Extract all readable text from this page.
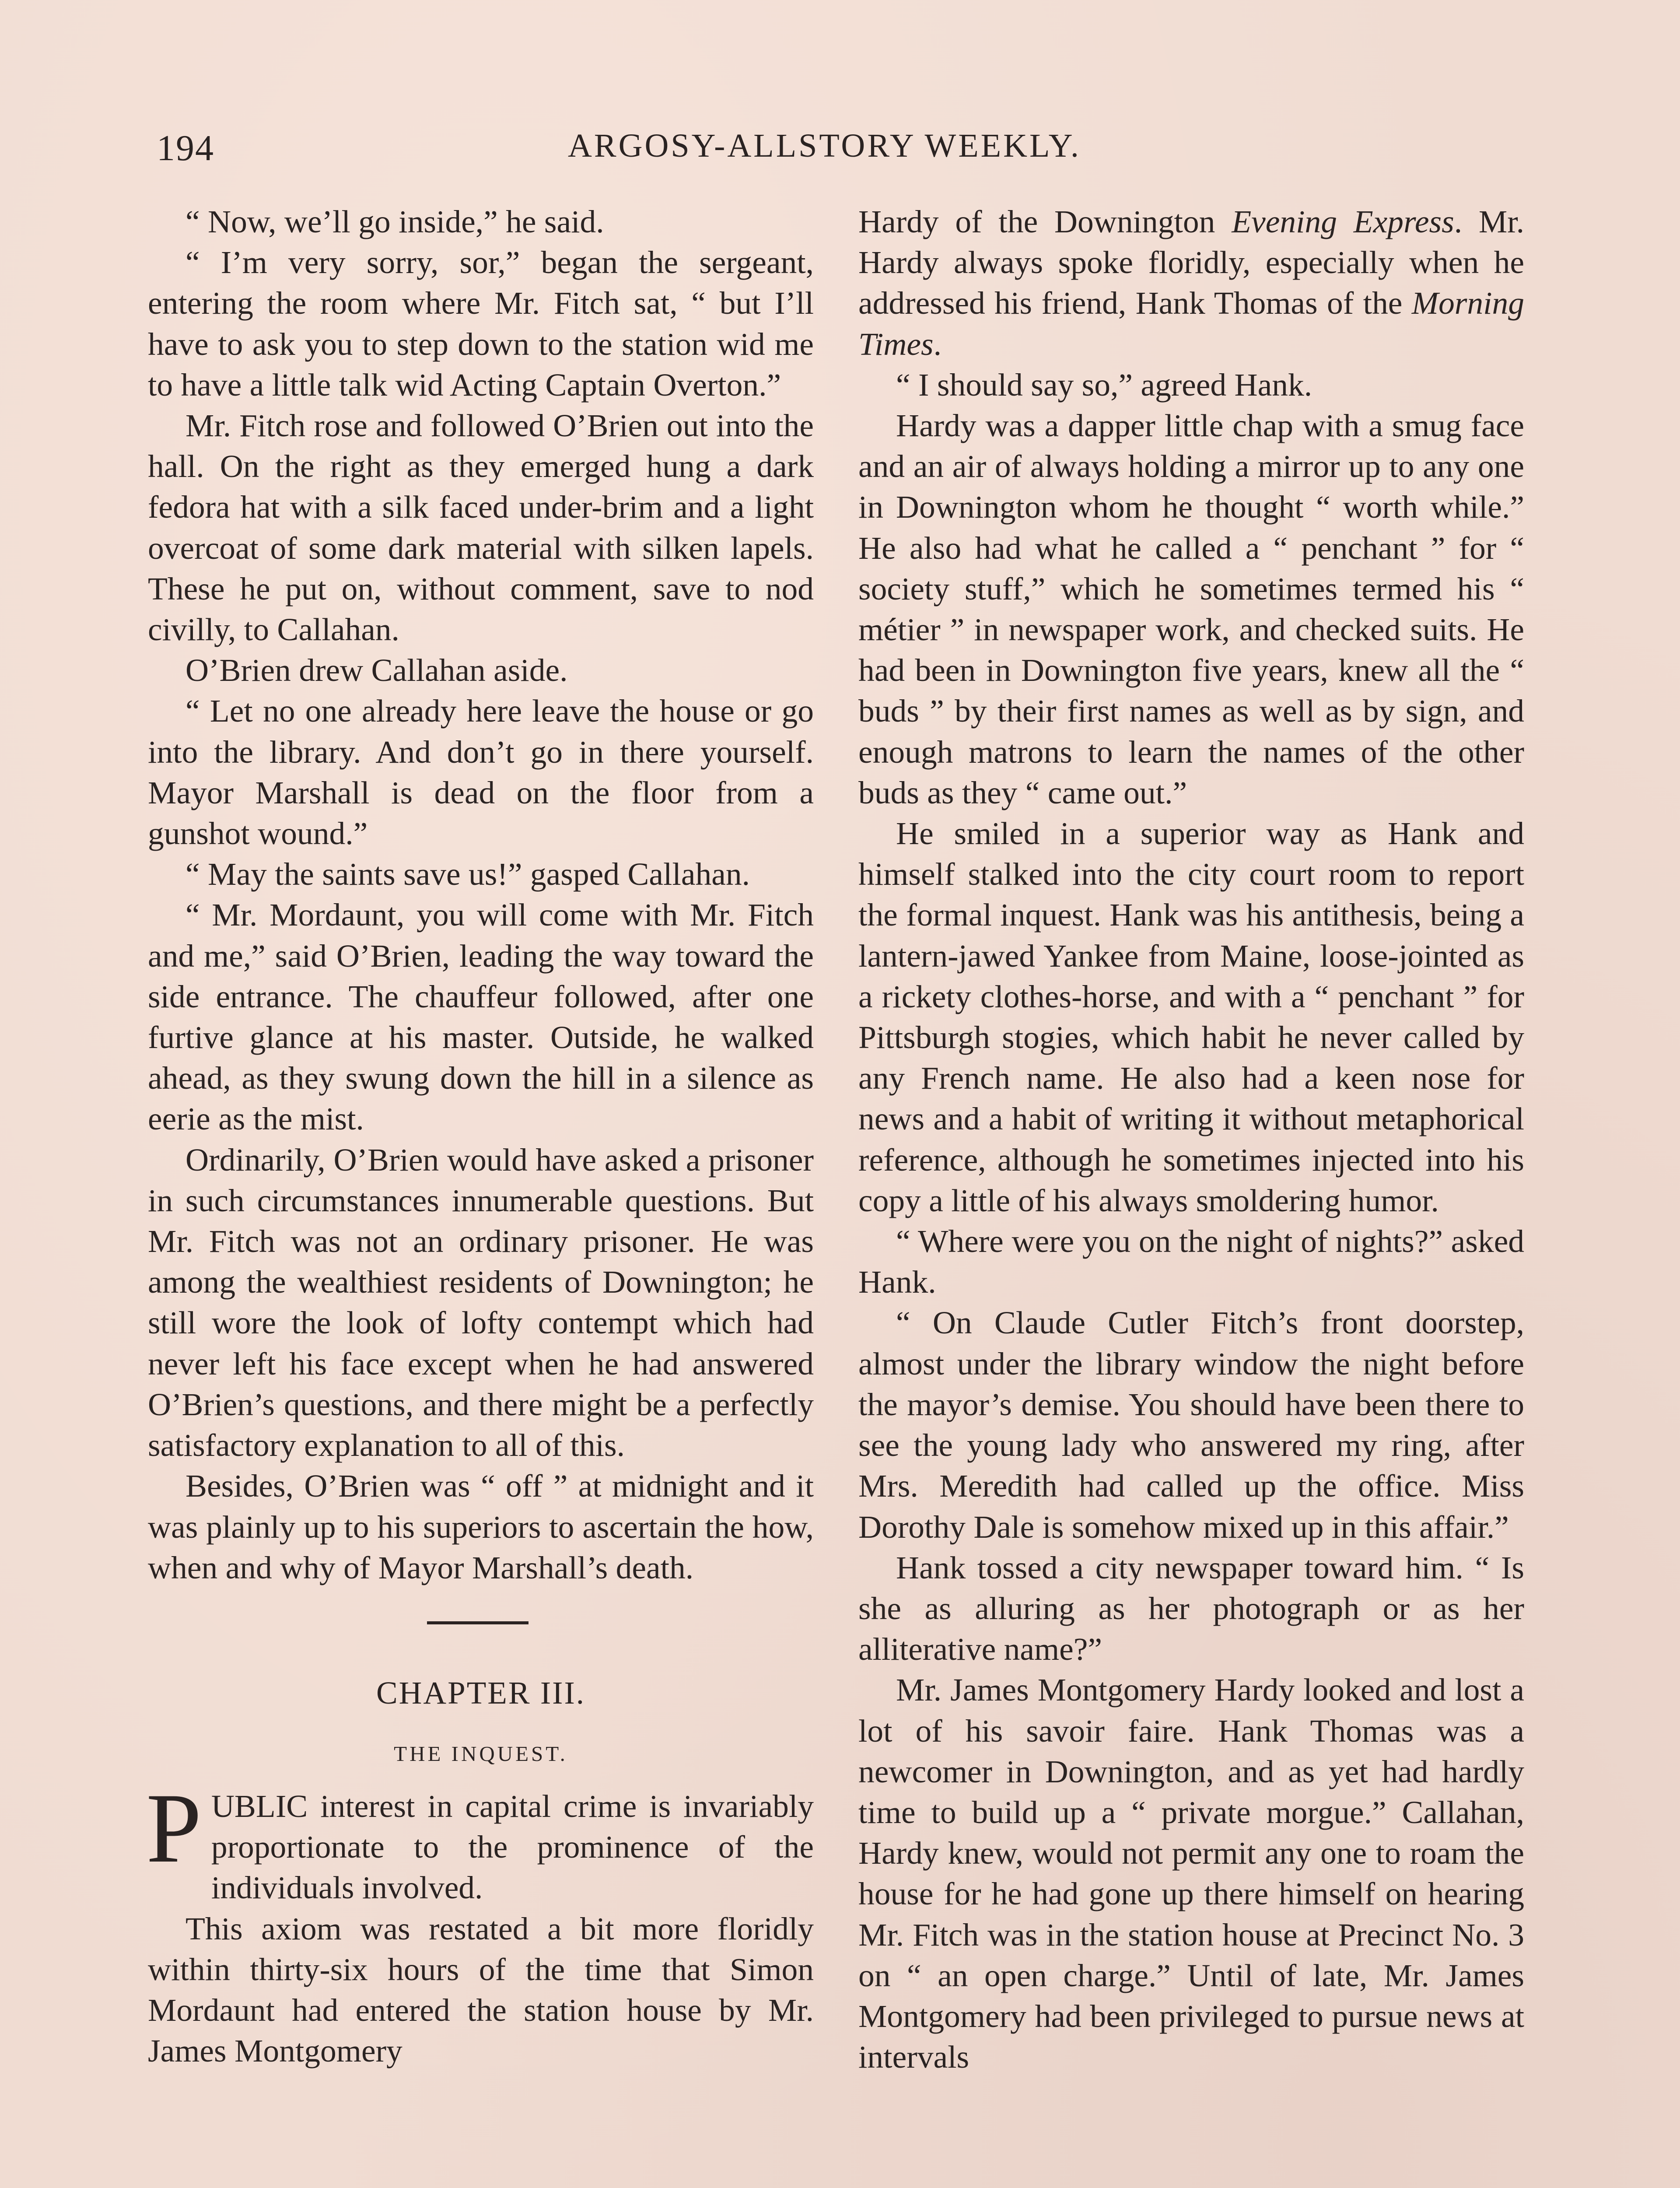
194	ARGOSY-ALLSTORY WEEKLY.

“ Now, we’ll go inside,” he said.

“ I’m very sorry, sor,” began the sergeant, entering the room where Mr. Fitch sat, “ but I’ll have to ask you to step down to the station wid me to have a little talk wid Acting Captain Overton.”

Mr. Fitch rose and followed O’Brien out into the hall. On the right as they emerged hung a dark fedora hat with a silk faced under-brim and a light overcoat of some dark material with silken lapels. These he put on, without comment, save to nod civilly, to Callahan.

O’Brien drew Callahan aside.

“ Let no one already here leave the house or go into the library. And don’t go in there yourself. Mayor Marshall is dead on the floor from a gunshot wound.”

“ May the saints save us!” gasped Callahan.

“ Mr. Mordaunt, you will come with Mr. Fitch and me,” said O’Brien, leading the way toward the side entrance. The chauffeur followed, after one furtive glance at his master. Outside, he walked ahead, as they swung down the hill in a silence as eerie as the mist.

Ordinarily, O’Brien would have asked a prisoner in such circumstances innumerable questions. But Mr. Fitch was not an ordinary prisoner. He was among the wealthiest residents of Downington; he still wore the look of lofty contempt which had never left his face except when he had answered O’Brien’s questions, and there might be a perfectly satisfactory explanation to all of this.

Besides, O’Brien was “ off ” at midnight and it was plainly up to his superiors to ascertain the how, when and why of Mayor Marshall’s death.

CHAPTER III.
THE INQUEST.
P UBLIC interest in capital crime is invariably proportionate to the prominence of the individuals involved.

This axiom was restated a bit more floridly within thirty-six hours of the time that Simon Mordaunt had entered the station house by Mr. James Montgomery

Hardy of the Downington Evening Express. Mr. Hardy always spoke floridly, especially when he addressed his friend, Hank Thomas of the Morning Times.

“ I should say so,” agreed Hank.

Hardy was a dapper little chap with a smug face and an air of always holding a mirror up to any one in Downington whom he thought “ worth while.” He also had what he called a “ penchant ” for “ society stuff,” which he sometimes termed his “ métier ” in newspaper work, and checked suits. He had been in Downington five years, knew all the “ buds ” by their first names as well as by sign, and enough matrons to learn the names of the other buds as they “ came out.”

He smiled in a superior way as Hank and himself stalked into the city court room to report the formal inquest. Hank was his antithesis, being a lantern-jawed Yankee from Maine, loose-jointed as a rickety clothes-horse, and with a “ penchant ” for Pittsburgh stogies, which habit he never called by any French name. He also had a keen nose for news and a habit of writing it without metaphorical reference, although he sometimes injected into his copy a little of his always smoldering humor.

“ Where were you on the night of nights?” asked Hank.

“ On Claude Cutler Fitch’s front doorstep, almost under the library window the night before the mayor’s demise. You should have been there to see the young lady who answered my ring, after Mrs. Meredith had called up the office. Miss Dorothy Dale is somehow mixed up in this affair.”

Hank tossed a city newspaper toward him. “ Is she as alluring as her photograph or as her alliterative name?”

Mr. James Montgomery Hardy looked and lost a lot of his savoir faire. Hank Thomas was a newcomer in Downington, and as yet had hardly time to build up a “ private morgue.” Callahan, Hardy knew, would not permit any one to roam the house for he had gone up there himself on hearing Mr. Fitch was in the station house at Precinct No. 3 on “ an open charge.” Until of late, Mr. James Montgomery had been privileged to pursue news at intervals
